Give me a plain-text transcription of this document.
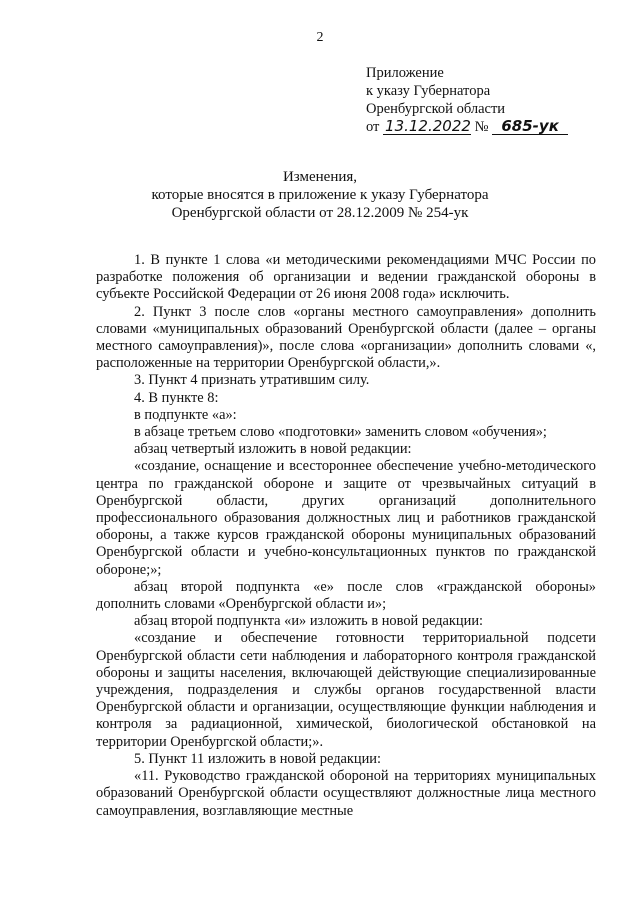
2
Приложение
к указу Губернатора
Оренбургской области
от 13.12.2022 № 685-ук
Изменения,
которые вносятся в приложение к указу Губернатора
Оренбургской области от 28.12.2009 № 254-ук

1. В пункте 1 слова «и методическими рекомендациями МЧС России по разработке положения об организации и ведении гражданской обороны в субъекте Российской Федерации от 26 июня 2008 года» исключить.

2. Пункт 3 после слов «органы местного самоуправления» дополнить словами «муниципальных образований Оренбургской области (далее – органы местного самоуправления)», после слова «организации» дополнить словами «, расположенные на территории Оренбургской области,».

3. Пункт 4 признать утратившим силу.

4. В пункте 8:

в подпункте «а»:

в абзаце третьем слово «подготовки» заменить словом «обучения»;

абзац четвертый изложить в новой редакции:

«создание, оснащение и всестороннее обеспечение учебно-методического центра по гражданской обороне и защите от чрезвычайных ситуаций в Оренбургской области, других организаций дополнительного профессионального образования должностных лиц и работников гражданской обороны, а также курсов гражданской обороны муниципальных образований Оренбургской области и учебно-консультационных пунктов по гражданской обороне;»;

абзац второй подпункта «е» после слов «гражданской обороны» дополнить словами «Оренбургской области и»;

абзац второй подпункта «и» изложить в новой редакции:

«создание и обеспечение готовности территориальной подсети Оренбургской области сети наблюдения и лабораторного контроля гражданской обороны и защиты населения, включающей действующие специализированные учреждения, подразделения и службы органов государственной власти Оренбургской области и организации, осуществляющие функции наблюдения и контроля за радиационной, химической, биологической обстановкой на территории Оренбургской области;».

5. Пункт 11 изложить в новой редакции:

«11. Руководство гражданской обороной на территориях муниципальных образований Оренбургской области осуществляют должностные лица местного самоуправления, возглавляющие местные
